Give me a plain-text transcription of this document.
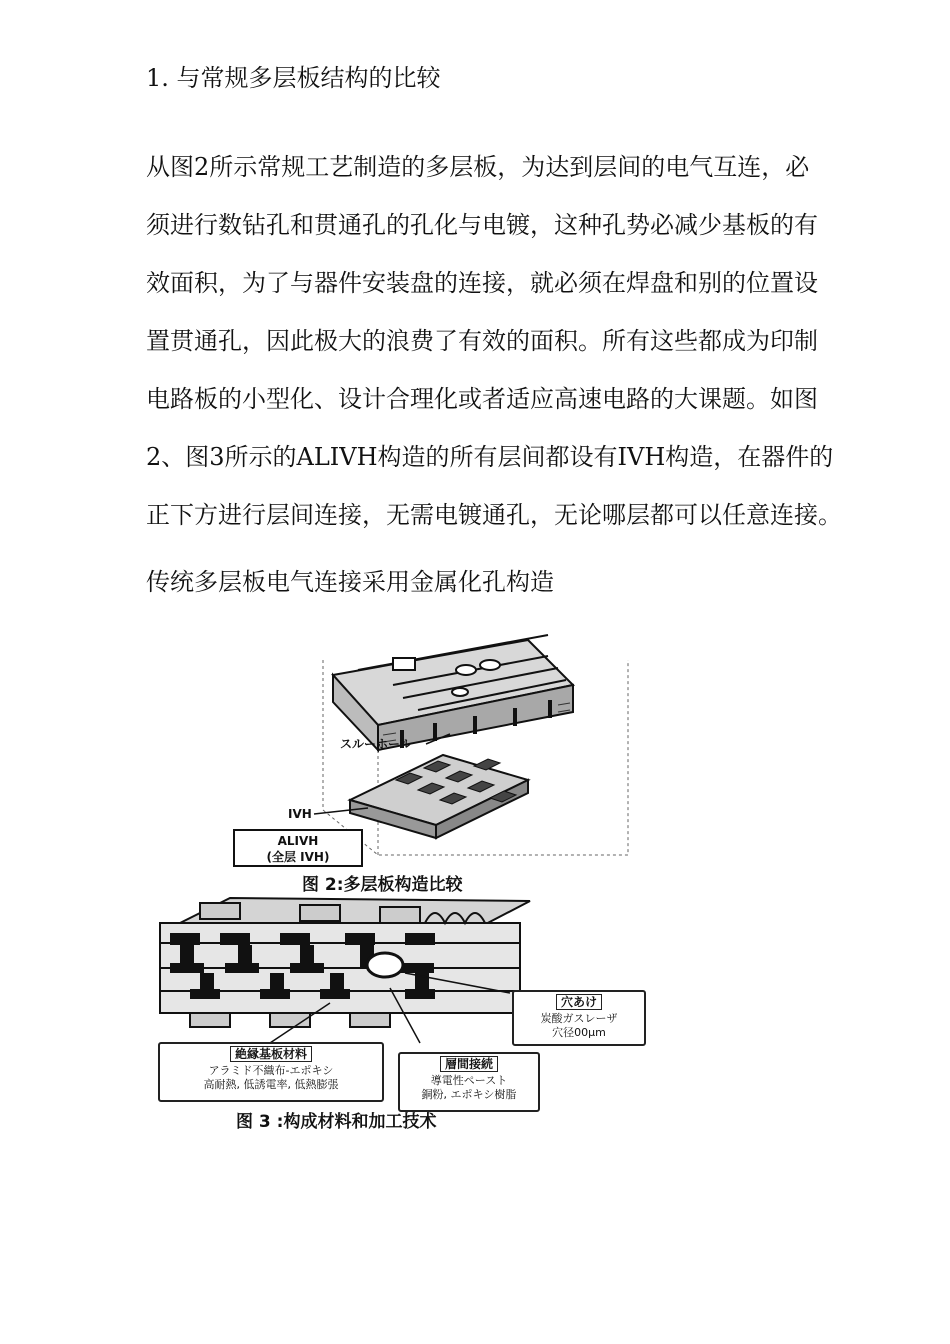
1. 与常规多层板结构的比较
从图2所示常规工艺制造的多层板，为达到层间的电气互连，必
须进行数钻孔和贯通孔的孔化与电镀，这种孔势必减少基板的有
效面积，为了与器件安装盘的连接，就必须在焊盘和别的位置设
置贯通孔，因此极大的浪费了有效的面积。所有这些都成为印制
电路板的小型化、设计合理化或者适应高速电路的大课题。如图
2、图3所示的ALIVH构造的所有层间都设有IVH构造，在器件的
正下方进行层间连接，无需电镀通孔，无论哪层都可以任意连接。
传统多层板电气连接采用金属化孔构造
スルーホール
IVH
ALIVH
(全层 IVH)
图 2:多层板构造比较
穴あけ
炭酸ガスレーザ
穴径00μm
絶縁基板材料
アラミド不織布-エポキシ
高耐熱, 低誘電率, 低熱膨張
層間接続
導電性ペースト
銅粉, エポキシ樹脂
图 3 :构成材料和加工技术
